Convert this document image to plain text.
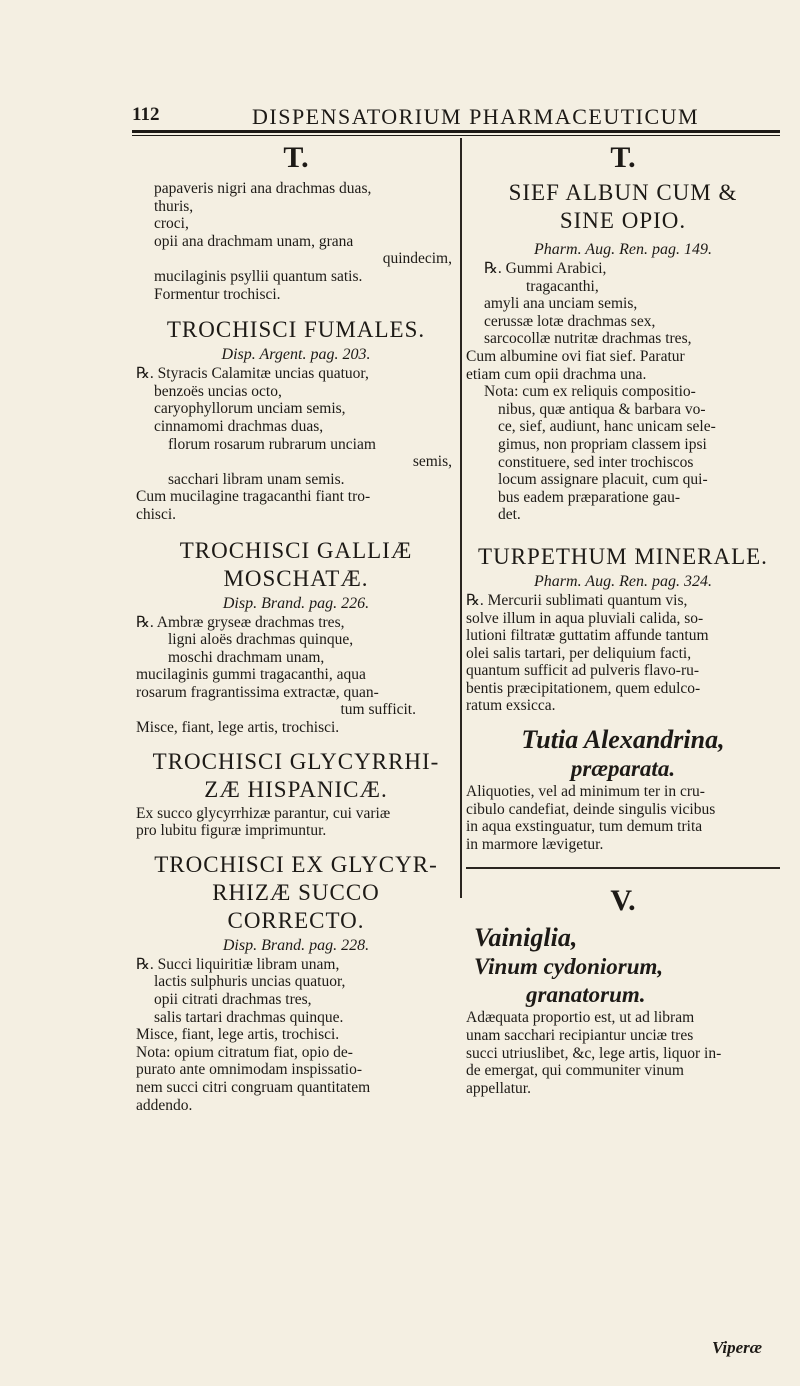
112	DISPENSATORIUM PHARMACEUTICUM
T.
papaveris nigri ana drachmas duas,
thuris,
croci,
opii ana drachmam unam, grana
quindecim,
mucilaginis psyllii quantum satis.
Formentur trochisci.
TROCHISCI FUMALES.
Disp. Argent. pag. 203.
℞. Styracis Calamitæ uncias quatuor,
benzoës uncias octo,
caryophyllorum unciam semis,
cinnamomi drachmas duas,
florum rosarum rubrarum unciam
semis,
sacchari libram unam semis.
Cum mucilagine tragacanthi fiant tro-
chisci.
TROCHISCI GALLIÆ
MOSCHATÆ.
Disp. Brand. pag. 226.
℞. Ambræ gryseæ drachmas tres,
ligni aloës drachmas quinque,
moschi drachmam unam,
mucilaginis gummi tragacanthi, aqua
rosarum fragrantissima extractæ, quan-
tum sufficit.
Misce, fiant, lege artis, trochisci.
TROCHISCI GLYCYRRHI-
ZÆ HISPANICÆ.
Ex succo glycyrrhizæ parantur, cui variæ
pro lubitu figuræ imprimuntur.
TROCHISCI EX GLYCYR-
RHIZÆ SUCCO
CORRECTO.
Disp. Brand. pag. 228.
℞. Succi liquiritiæ libram unam,
lactis sulphuris uncias quatuor,
opii citrati drachmas tres,
salis tartari drachmas quinque.
Misce, fiant, lege artis, trochisci.
Nota: opium citratum fiat, opio de-
purato ante omnimodam inspissatio-
nem succi citri congruam quantitatem
addendo.
T.
SIEF ALBUN CUM &
SINE OPIO.
Pharm. Aug. Ren. pag. 149.
℞. Gummi Arabici,
tragacanthi,
amyli ana unciam semis,
cerussæ lotæ drachmas sex,
sarcocollæ nutritæ drachmas tres,
Cum albumine ovi fiat sief. Paratur
etiam cum opii drachma una.
Nota: cum ex reliquis compositio-
nibus, quæ antiqua & barbara vo-
ce, sief, audiunt, hanc unicam sele-
gimus, non propriam classem ipsi
constituere, sed inter trochiscos
locum assignare placuit, cum qui-
bus eadem præparatione gau-
det.
TURPETHUM MINERALE.
Pharm. Aug. Ren. pag. 324.
℞. Mercurii sublimati quantum vis,
solve illum in aqua pluviali calida, so-
lutioni filtratæ guttatim affunde tantum
olei salis tartari, per deliquium facti,
quantum sufficit ad pulveris flavo-ru-
bentis præcipitationem, quem edulco-
ratum exsicca.
Tutia Alexandrina,
præparata.
Aliquoties, vel ad minimum ter in cru-
cibulo candefiat, deinde singulis vicibus
in aqua exstinguatur, tum demum trita
in marmore lævigetur.
V.
Vainiglia,
Vinum cydoniorum,
granatorum.
Adæquata proportio est, ut ad libram
unam sacchari recipiantur unciæ tres
succi utriuslibet, &c, lege artis, liquor in-
de emergat, qui communiter vinum
appellatur.
Viperæ
